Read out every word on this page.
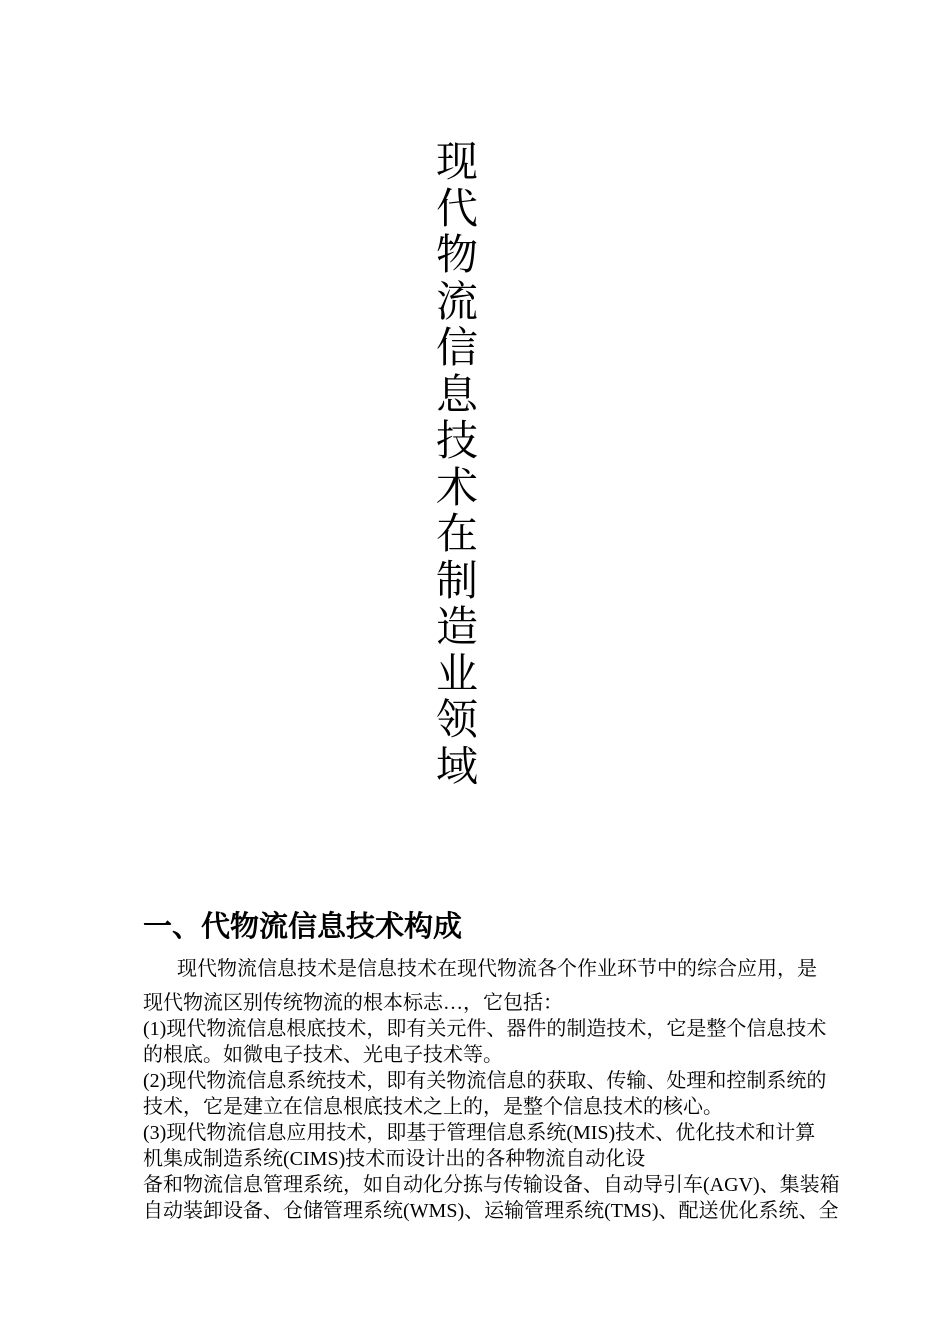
现代物流信息技术在制造业领域
一、代物流信息技术构成
现代物流信息技术是信息技术在现代物流各个作业环节中的综合应用，是
现代物流区别传统物流的根本标志…，它包括：
(1)现代物流信息根底技术，即有关元件、器件的制造技术，它是整个信息技术
的根底。如微电子技术、光电子技术等。
(2)现代物流信息系统技术，即有关物流信息的获取、传输、处理和控制系统的
技术，它是建立在信息根底技术之上的，是整个信息技术的核心。
(3)现代物流信息应用技术，即基于管理信息系统(MIS)技术、优化技术和计算
机集成制造系统(CIMS)技术而设计出的各种物流自动化设
备和物流信息管理系统，如自动化分拣与传输设备、自动导引车(AGV)、集装箱
自动装卸设备、仓储管理系统(WMS)、运输管理系统(TMS)、配送优化系统、全
